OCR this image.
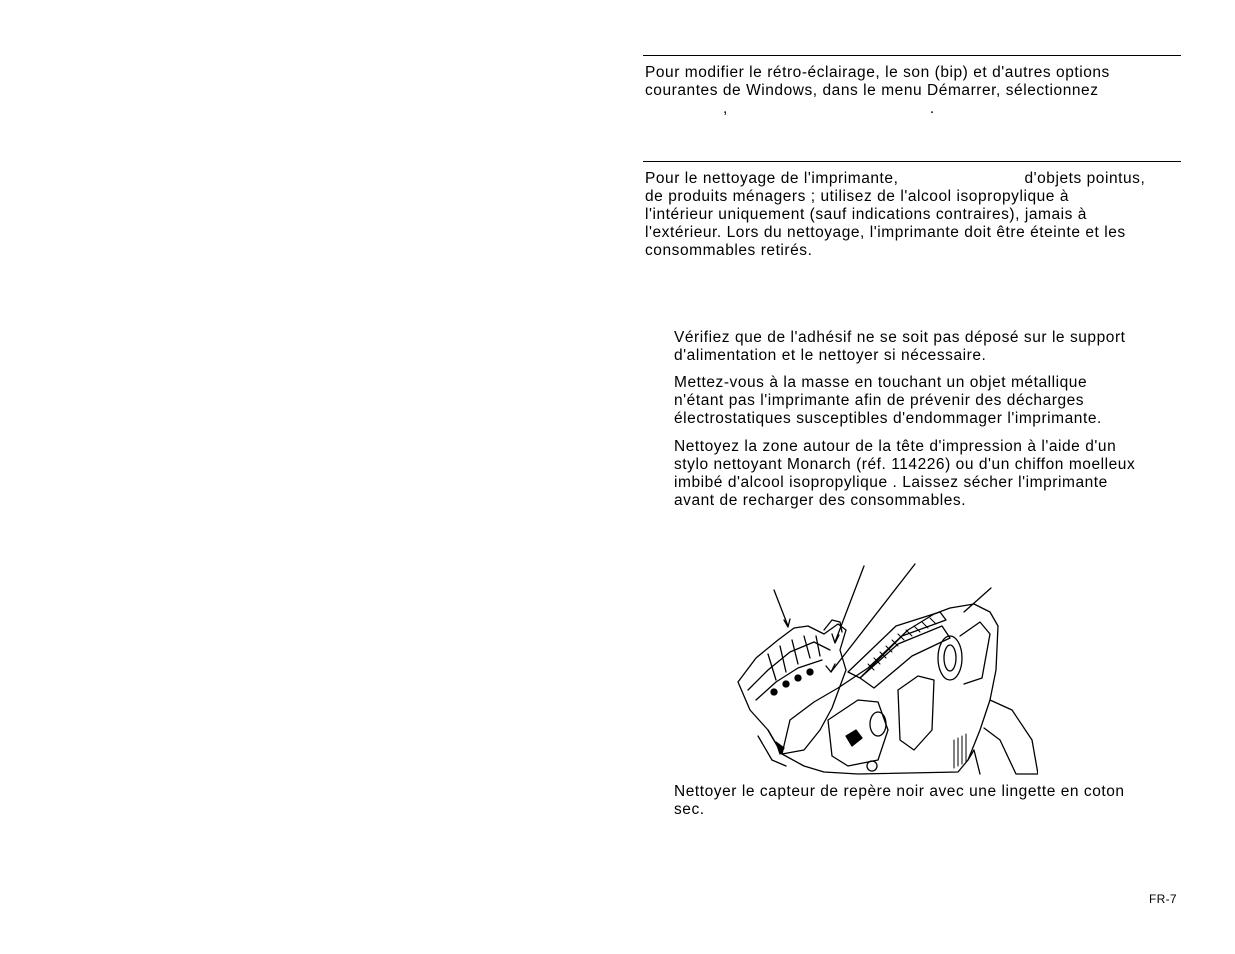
Pour modifier le rétro-éclairage, le son (bip) et d'autres options
courantes de Windows, dans le menu Démarrer, sélectionnez
,	.
Pour le nettoyage de l'imprimante,	d'objets pointus,
de produits ménagers ; utilisez de l'alcool isopropylique à
l'intérieur uniquement (sauf indications contraires), jamais à
l'extérieur. Lors du nettoyage, l'imprimante doit être éteinte et les
consommables retirés.
Vérifiez que de l'adhésif ne se soit pas déposé sur le support
d'alimentation et le nettoyer si nécessaire.
Mettez-vous à la masse en touchant un objet métallique
n'étant pas l'imprimante afin de prévenir des décharges
électrostatiques susceptibles d'endommager l'imprimante.
Nettoyez la zone autour de la tête d'impression à l'aide d'un
stylo nettoyant Monarch (réf. 114226) ou d'un chiffon moelleux
imbibé d'alcool isopropylique . Laissez sécher l'imprimante
avant de recharger des consommables.
Nettoyer le capteur de repère noir avec une lingette en coton
sec.
FR-7
